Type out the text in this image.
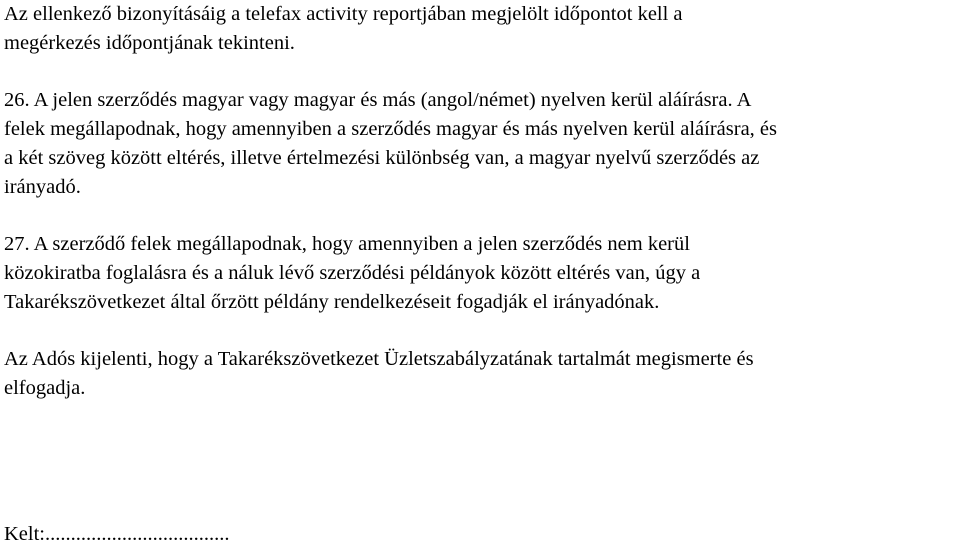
Az ellenkező bizonyításáig a telefax activity reportjában megjelölt időpontot kell a
megérkezés időpontjának tekinteni.

26. A jelen szerződés magyar vagy magyar és más (angol/német) nyelven kerül aláírásra. A
felek megállapodnak, hogy amennyiben a szerződés magyar és más nyelven kerül aláírásra, és
a két szöveg között eltérés, illetve értelmezési különbség van, a magyar nyelvű szerződés az
irányadó.

27. A szerződő felek megállapodnak, hogy amennyiben a jelen szerződés nem kerül
közokiratba foglalásra és a náluk lévő szerződési példányok között eltérés van, úgy a
Takarékszövetkezet által őrzött példány rendelkezéseit fogadják el irányadónak.

Az Adós kijelenti, hogy a Takarékszövetkezet Üzletszabályzatának tartalmát megismerte és
elfogadja.

Kelt:....................................
